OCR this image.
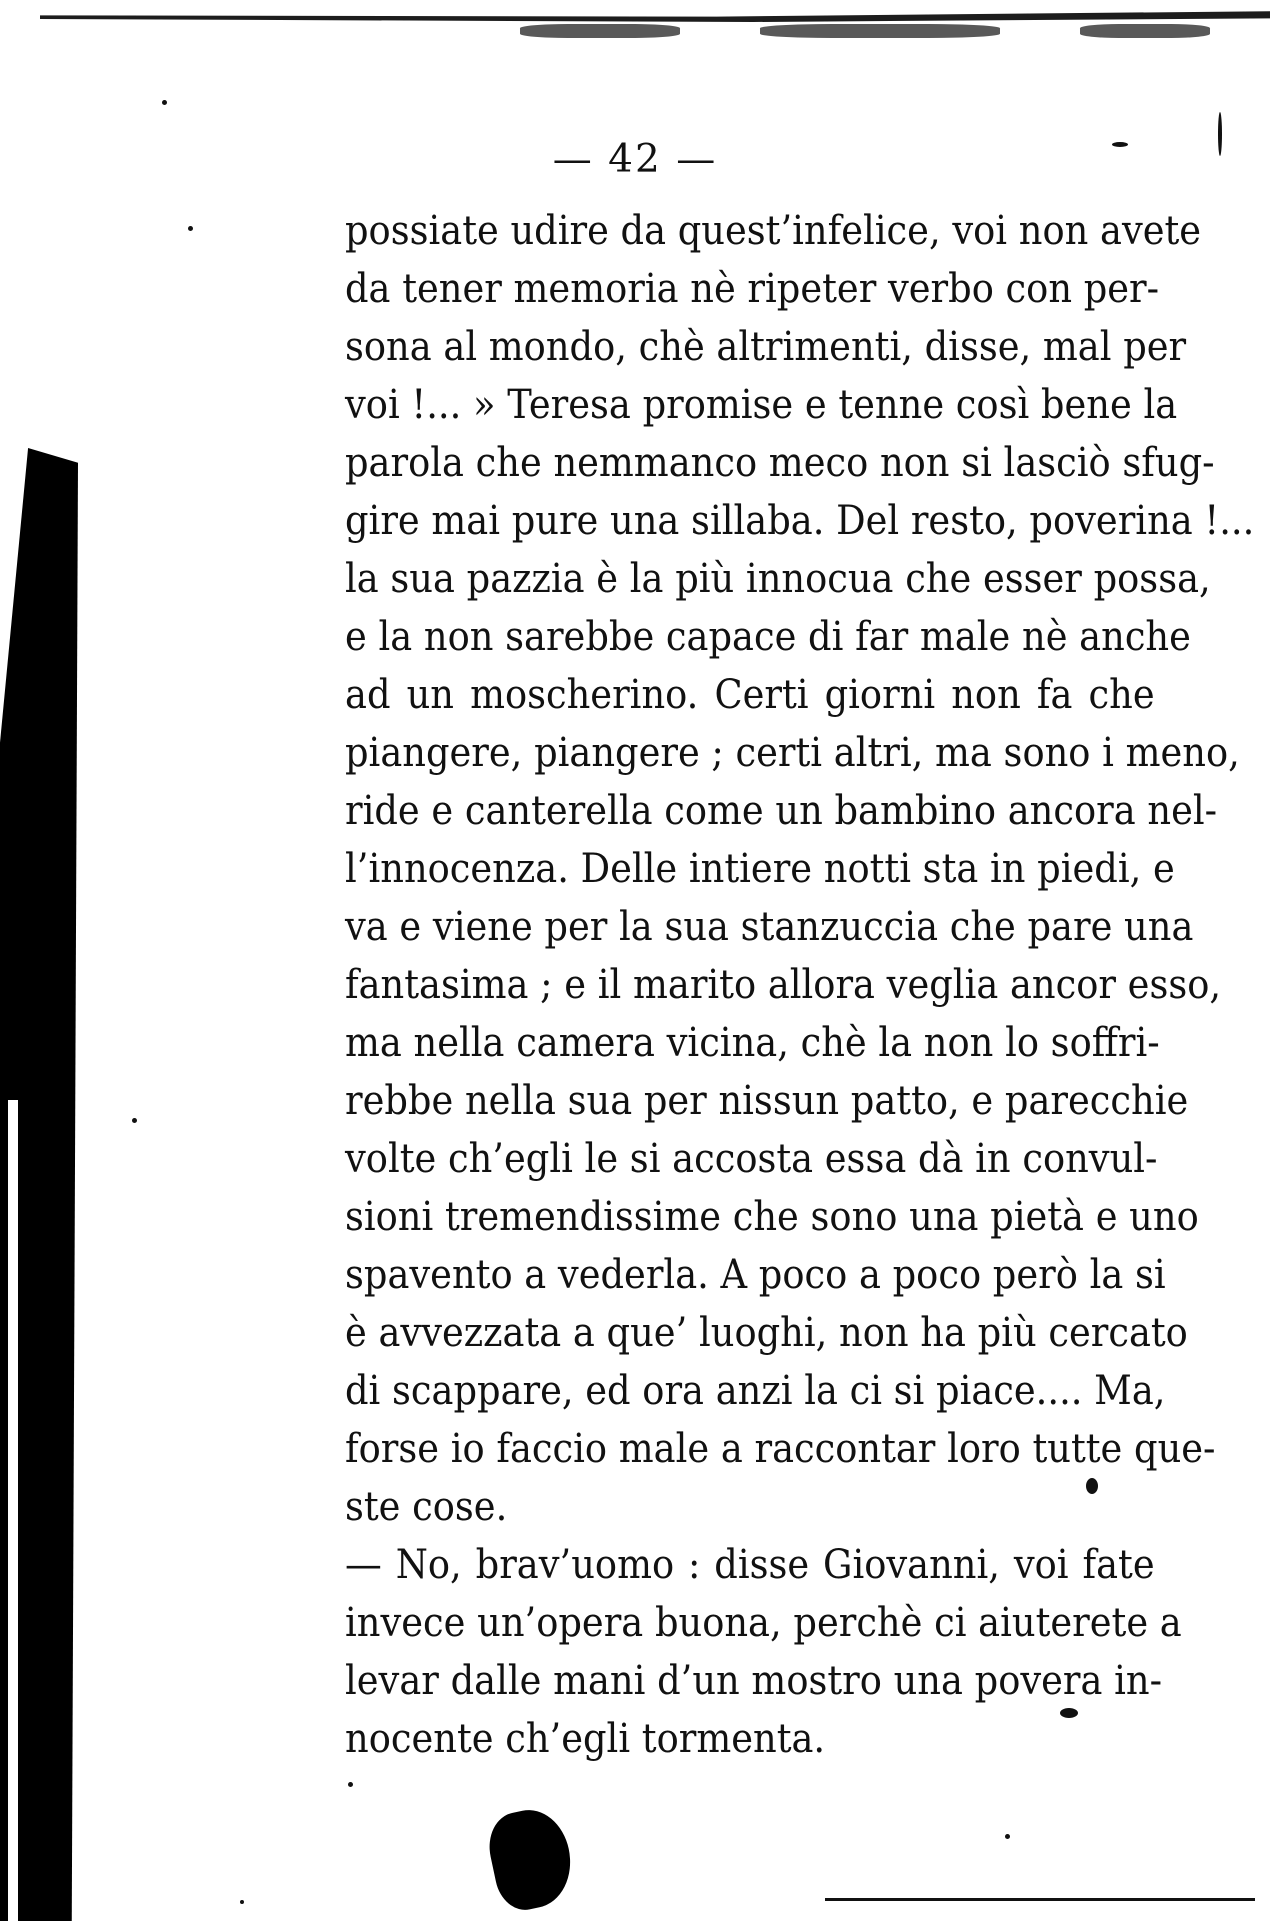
— 42 —
possiate udire da quest’infelice, voi non avete
da tener memoria nè ripeter verbo con per-
sona al mondo, chè altrimenti, disse, mal per
voi !... » Teresa promise e tenne così bene la
parola che nemmanco meco non si lasciò sfug-
gire mai pure una sillaba. Del resto, poverina !...
la sua pazzia è la più innocua che esser possa,
e la non sarebbe capace di far male nè anche
ad un moscherino. Certi giorni non fa che
piangere, piangere ; certi altri, ma sono i meno,
ride e canterella come un bambino ancora nel-
l’innocenza. Delle intiere notti sta in piedi, e
va e viene per la sua stanzuccia che pare una
fantasima ; e il marito allora veglia ancor esso,
ma nella camera vicina, chè la non lo soffri-
rebbe nella sua per nissun patto, e parecchie
volte ch’egli le si accosta essa dà in convul-
sioni tremendissime che sono una pietà e uno
spavento a vederla. A poco a poco però la si
è avvezzata a que’ luoghi, non ha più cercato
di scappare, ed ora anzi la ci si piace.... Ma,
forse io faccio male a raccontar loro tutte que-
ste cose.
— No, brav’uomo : disse Giovanni, voi fate
invece un’opera buona, perchè ci aiuterete a
levar dalle mani d’un mostro una povera in-
nocente ch’egli tormenta.
